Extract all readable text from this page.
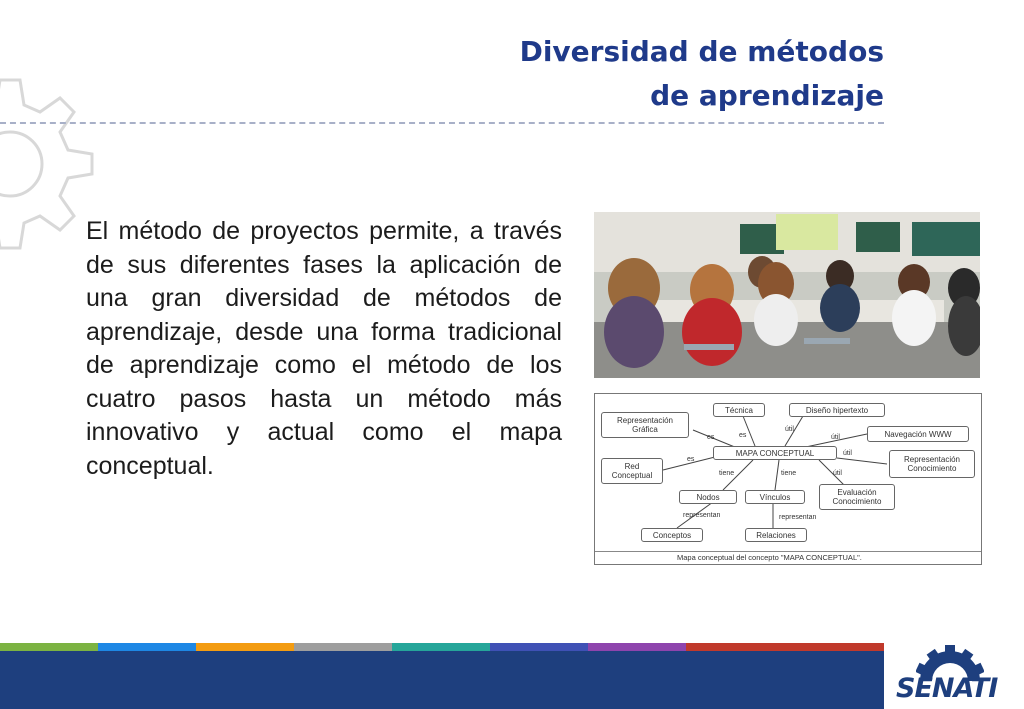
Diversidad de métodos
de aprendizaje

El método de proyectos permite, a través de sus diferentes fases la aplicación de una gran diversidad de métodos de aprendizaje, desde una forma tradicional de aprendizaje como el método de los cuatro pasos hasta un método más innovativo y actual como el mapa conceptual.

Representación Gráfica
Técnica	Diseño hipertexto
Navegación WWW
Red Conceptual
MAPA CONCEPTUAL
Representación Conocimiento
Nodos	Vínculos	Evaluación Conocimiento
Conceptos	Relaciones
es	es
es
útil
útil
útil
útil
tiene	tiene
representan	representan
Mapa conceptual del concepto "MAPA CONCEPTUAL".
SENATI
